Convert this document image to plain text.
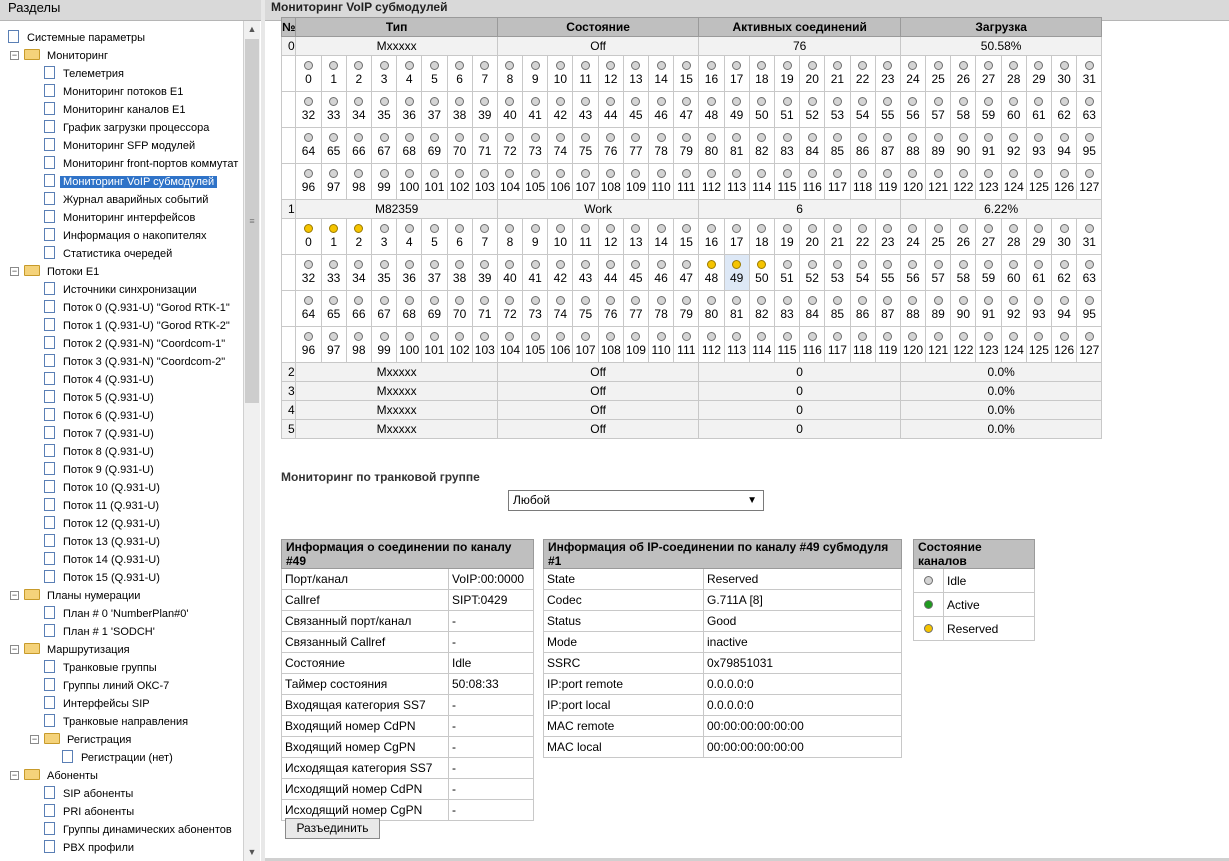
Разделы
Системные параметры
−	Мониторинг
Телеметрия
Мониторинг потоков Е1
Мониторинг каналов Е1
График загрузки процессора
Мониторинг SFP модулей
Мониторинг front-портов коммутат
Мониторинг VoIP субмодулей
Журнал аварийных событий
Мониторинг интерфейсов
Информация о накопителях
Статистика очередей
−	Потоки E1
Источники синхронизации
Поток 0 (Q.931-U) "Gorod RTK-1"
Поток 1 (Q.931-U) "Gorod RTK-2"
Поток 2 (Q.931-N) "Coordcom-1"
Поток 3 (Q.931-N) "Coordcom-2"
Поток 4 (Q.931-U)
Поток 5 (Q.931-U)
Поток 6 (Q.931-U)
Поток 7 (Q.931-U)
Поток 8 (Q.931-U)
Поток 9 (Q.931-U)
Поток 10 (Q.931-U)
Поток 11 (Q.931-U)
Поток 12 (Q.931-U)
Поток 13 (Q.931-U)
Поток 14 (Q.931-U)
Поток 15 (Q.931-U)
−	Планы нумерации
План # 0 'NumberPlan#0'
План # 1 'SODCH'
−	Маршрутизация
Транковые группы
Группы линий ОКС-7
Интерфейсы SIP
Транковые направления
−	Регистрация
Регистрации (нет)
−	Абоненты
SIP абоненты
PRI абоненты
Группы динамических абонентов
PBX профили
▲
≡
▼
Мониторинг VoIP субмодулей
№	Тип								Состояние								Активных соединений								Загрузка							
0	Mxxxxx								Off								76								50.58%							

0	1	2	3	4	5	6	7	8	9	10	11	12	13	14	15	16	17	18	19	20	21	22	23	24	25	26	27	28	29	30	31

32	33	34	35	36	37	38	39	40	41	42	43	44	45	46	47	48	49	50	51	52	53	54	55	56	57	58	59	60	61	62	63

64	65	66	67	68	69	70	71	72	73	74	75	76	77	78	79	80	81	82	83	84	85	86	87	88	89	90	91	92	93	94	95

96	97	98	99	100	101	102	103	104	105	106	107	108	109	110	111	112	113	114	115	116	117	118	119	120	121	122	123	124	125	126	127
1	M82359								Work								6								6.22%							

0	1	2	3	4	5	6	7	8	9	10	11	12	13	14	15	16	17	18	19	20	21	22	23	24	25	26	27	28	29	30	31

32	33	34	35	36	37	38	39	40	41	42	43	44	45	46	47	48	49	50	51	52	53	54	55	56	57	58	59	60	61	62	63

64	65	66	67	68	69	70	71	72	73	74	75	76	77	78	79	80	81	82	83	84	85	86	87	88	89	90	91	92	93	94	95

96	97	98	99	100	101	102	103	104	105	106	107	108	109	110	111	112	113	114	115	116	117	118	119	120	121	122	123	124	125	126	127
2	Mxxxxx								Off								0								0.0%							
3	Mxxxxx								Off								0								0.0%							
4	Mxxxxx								Off								0								0.0%							
5	Mxxxxx								Off								0								0.0%							
Мониторинг по транковой группе
Любой	▼
Информация о соединении по каналу #49	
Порт/канал	VoIP:00:0000
Callref	SIPT:0429
Связанный порт/канал	-
Связанный Callref	-
Состояние	Idle
Таймер состояния	50:08:33
Входящая категория SS7	-
Входящий номер CdPN	-
Входящий номер CgPN	-
Исходящая категория SS7	-
Исходящий номер CdPN	-
Исходящий номер CgPN	-
Информация об IP-соединении по каналу #49 субмодуля #1	
State	Reserved
Codec	G.711A [8]
Status	Good
Mode	inactive
SSRC	0x79851031
IP:port remote	0.0.0.0:0
IP:port local	0.0.0.0:0
MAC remote	00:00:00:00:00:00
MAC local	00:00:00:00:00:00
Состояние каналов	
	Idle
	Active
	Reserved
Разъединить
